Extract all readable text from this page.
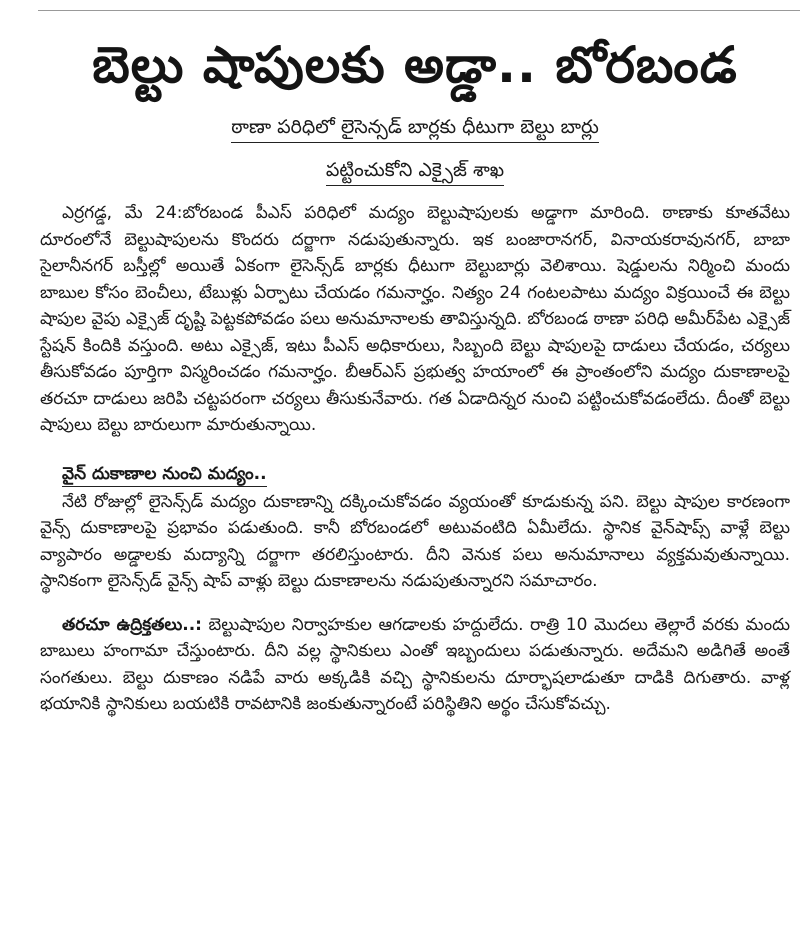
బెల్టు షాపులకు అడ్డా.. బోరబండ
ఠాణా పరిధిలో లైసెన్సడ్ బార్లకు ధీటుగా బెల్టు బార్లు
పట్టించుకోని ఎక్సైజ్ శాఖ

ఎర్రగడ్డ, మే 24:బోరబండ పీఎస్ పరిధిలో మద్యం బెల్టుషాపులకు అడ్డాగా మారింది. ఠాణాకు కూతవేటు దూరంలోనే బెల్టుషాపులను కొందరు దర్జాగా నడుపుతున్నారు. ఇక బంజారానగర్, వినాయకరావునగర్, బాబా సైలానీనగర్ బస్తీల్లో అయితే ఏకంగా లైసెన్స్‌డ్ బార్లకు ధీటుగా బెల్టుబార్లు వెలిశాయి. షెడ్డులను నిర్మించి మందు బాబుల కోసం బెంచీలు, టేబుళ్లు ఏర్పాటు చేయడం గమనార్హం. నిత్యం 24 గంటలపాటు మద్యం విక్రయించే ఈ బెల్టు షాపుల వైపు ఎక్సైజ్ దృష్టి పెట్టకపోవడం పలు అనుమానాలకు తావిస్తున్నది. బోరబండ ఠాణా పరిధి అమీర్‌పేట ఎక్సైజ్ స్టేషన్ కిందికి వస్తుంది. అటు ఎక్సైజ్, ఇటు పీఎస్ అధికారులు, సిబ్బంది బెల్టు షాపులపై దాడులు చేయడం, చర్యలు తీసుకోవడం పూర్తిగా విస్మరించడం గమనార్హం. బీఆర్ఎస్ ప్రభుత్వ హయాంలో ఈ ప్రాంతంలోని మద్యం దుకాణాలపై తరచూ దాడులు జరిపి చట్టపరంగా చర్యలు తీసుకునేవారు. గత ఏడాదిన్నర నుంచి పట్టించుకోవడంలేదు. దీంతో బెల్టు షాపులు బెల్టు బారులుగా మారుతున్నాయి.

వైన్ దుకాణాల నుంచి మద్యం..

నేటి రోజుల్లో లైసెన్స్‌డ్ మద్యం దుకాణాన్ని దక్కించుకోవడం వ్యయంతో కూడుకున్న పని. బెల్టు షాపుల కారణంగా వైన్స్ దుకాణాలపై ప్రభావం పడుతుంది. కానీ బోరబండలో అటువంటిది ఏమీలేదు. స్థానిక వైన్‌షాప్స్ వాళ్లే బెల్టు వ్యాపారం అడ్డాలకు మద్యాన్ని దర్జాగా తరలిస్తుంటారు. దీని వెనుక పలు అనుమానాలు వ్యక్తమవుతున్నాయి. స్థానికంగా లైసెన్స్‌డ్ వైన్స్ షాప్ వాళ్లు బెల్టు దుకాణాలను నడుపుతున్నారని సమాచారం.

తరచూ ఉద్రిక్తతలు..: బెల్టుషాపుల నిర్వాహకుల ఆగడాలకు హద్దులేదు. రాత్రి 10 మొదలు తెల్లారే వరకు మందు బాబులు హంగామా చేస్తుంటారు. దీని వల్ల స్థానికులు ఎంతో ఇబ్బందులు పడుతున్నారు. అదేమని అడిగితే అంతే సంగతులు. బెల్టు దుకాణం నడిపే వారు అక్కడికి వచ్చి స్థానికులను దూర్భాషలాడుతూ దాడికి దిగుతారు. వాళ్ల భయానికి స్థానికులు బయటికి రావటానికి జంకుతున్నారంటే పరిస్థితిని అర్థం చేసుకోవచ్చు.
